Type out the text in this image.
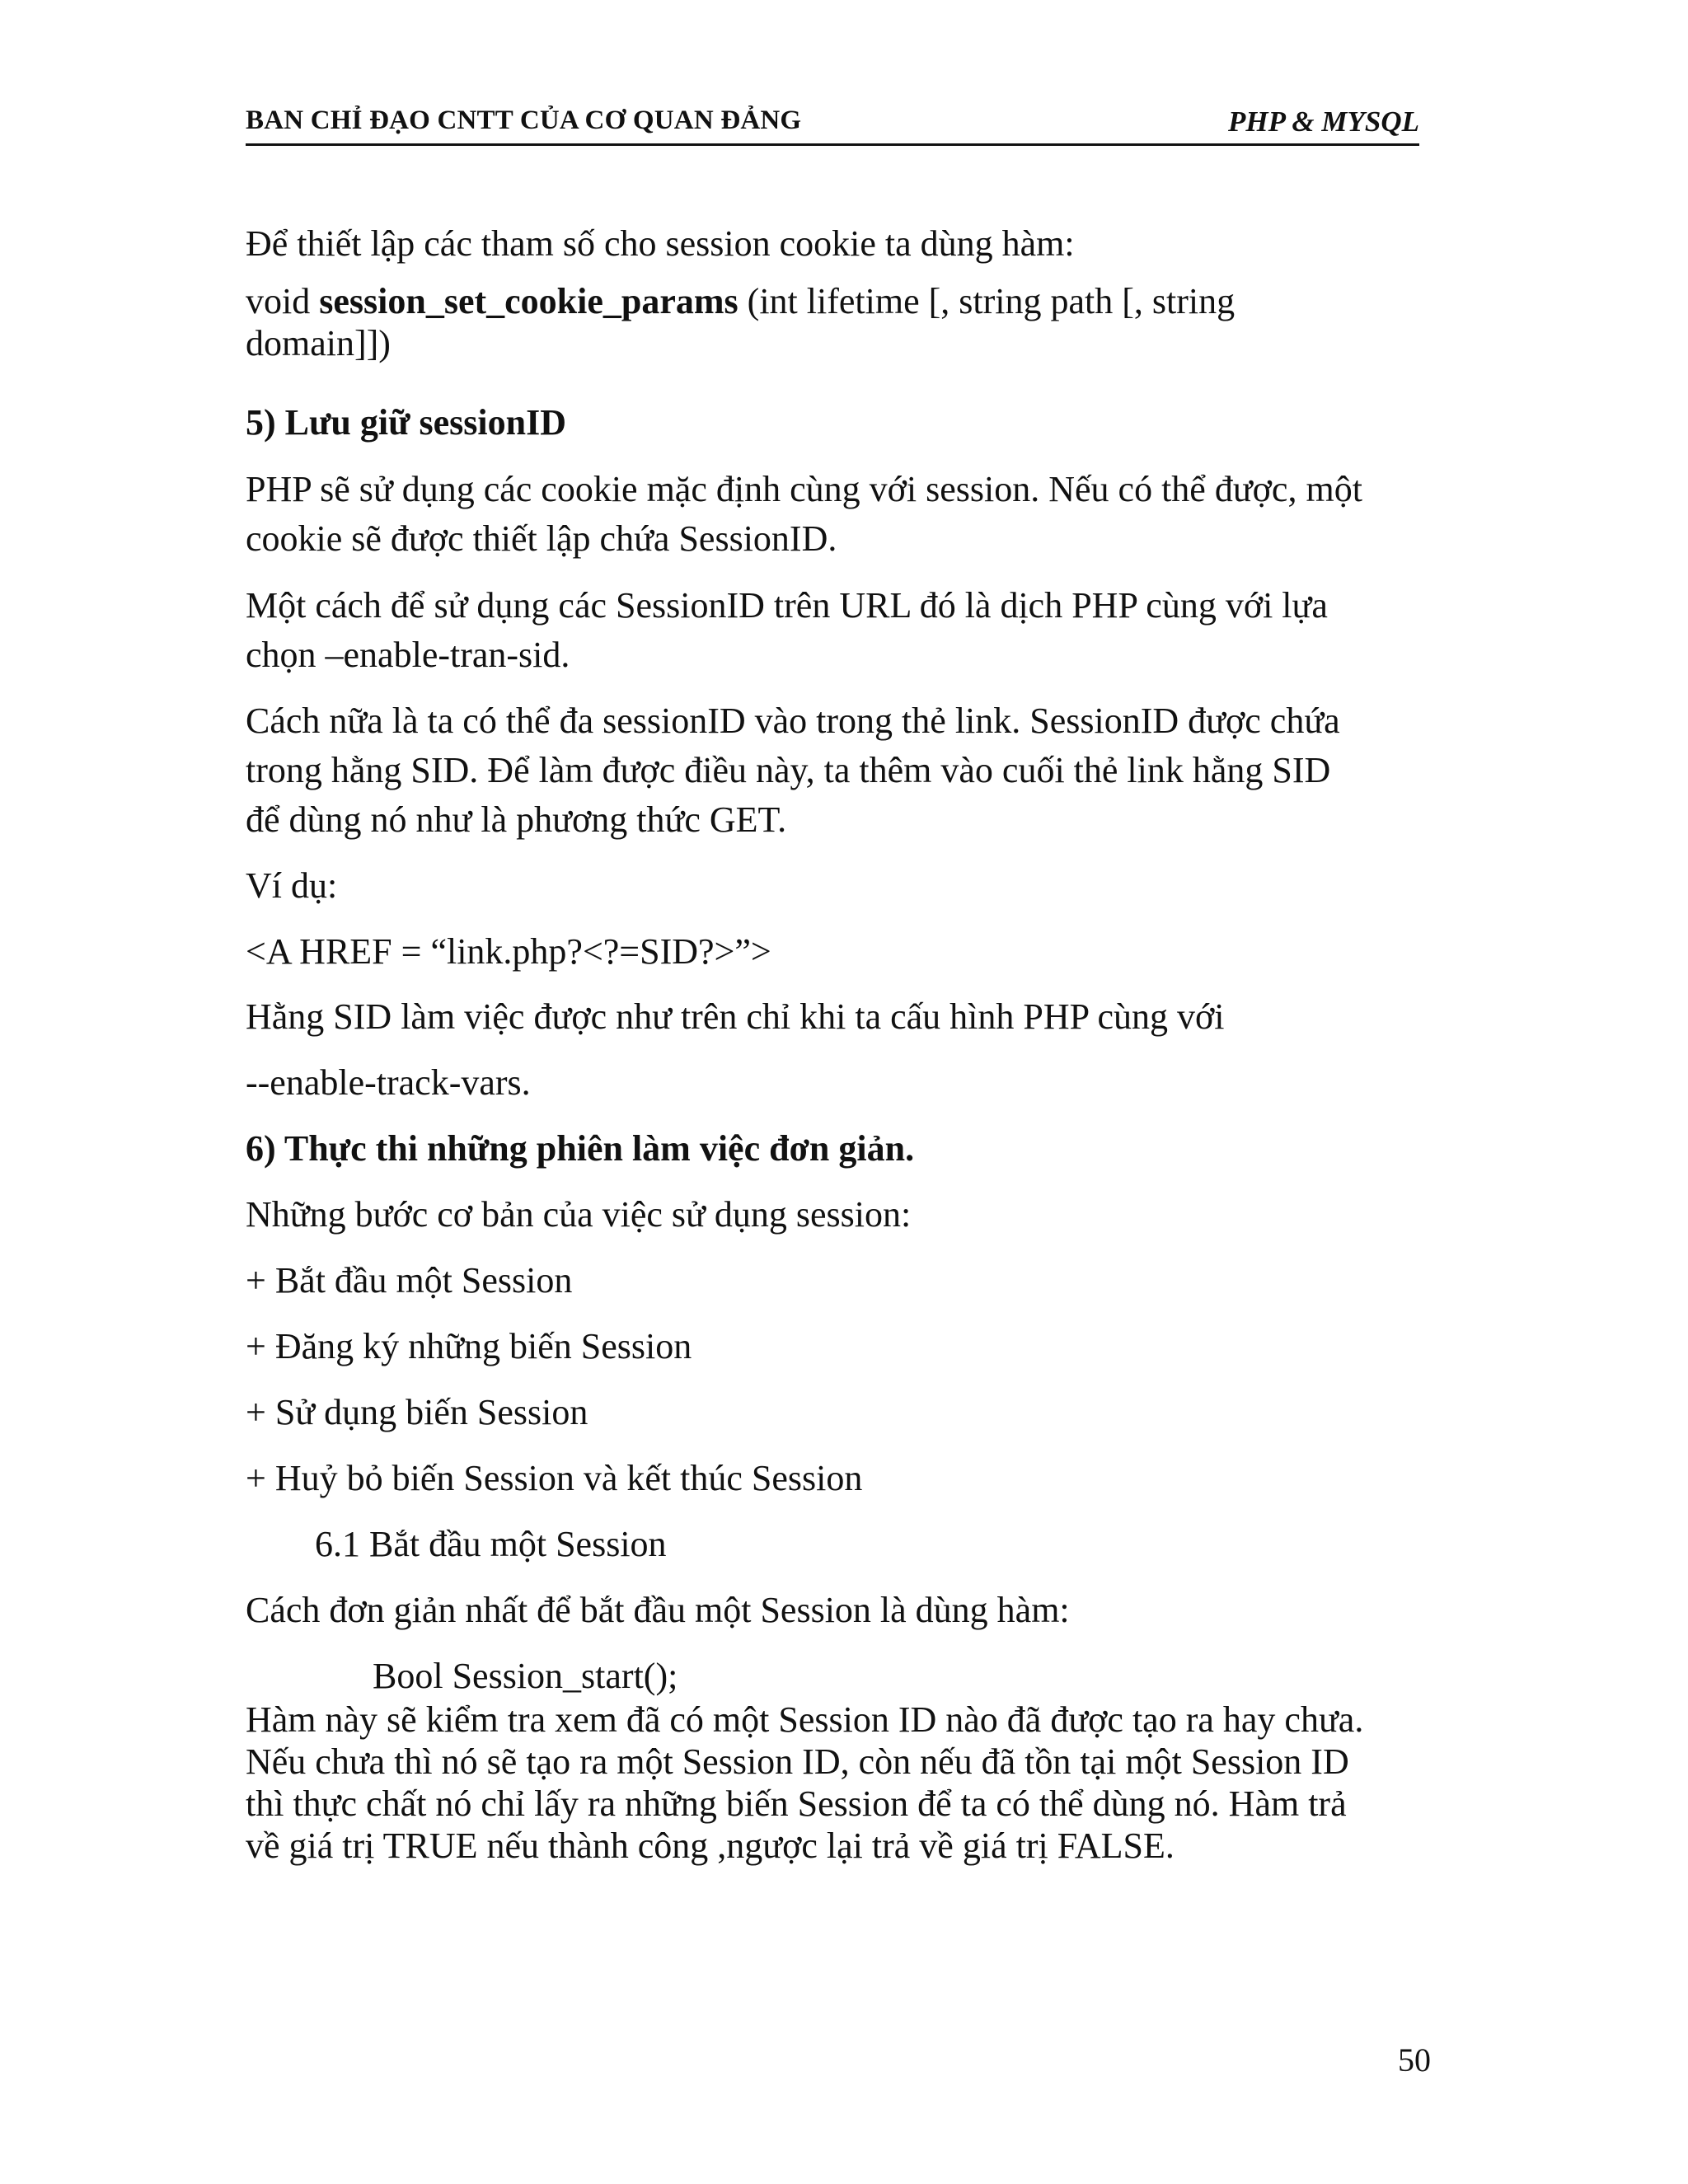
BAN CHỈ ĐẠO CNTT CỦA CƠ QUAN ĐẢNG	PHP & MYSQL
Để thiết lập các tham số cho session cookie ta dùng hàm:
void session_set_cookie_params (int lifetime [, string path [, string
domain]])
5) Lưu giữ sessionID
PHP sẽ sử dụng các cookie mặc định cùng với session. Nếu có thể được, một
cookie sẽ được thiết lập chứa SessionID.
Một cách để sử dụng các SessionID trên URL đó là dịch PHP cùng với lựa
chọn –enable-tran-sid.
Cách nữa là ta có thể đa sessionID vào trong thẻ link. SessionID được chứa
trong hằng SID. Để làm được điều này, ta thêm vào cuối thẻ link hằng SID
để dùng nó như là phương thức GET.
Ví dụ:
<A HREF = “link.php?<?=SID?>”>
Hằng SID làm việc được như trên chỉ khi ta cấu hình PHP cùng với
--enable-track-vars.
6) Thực thi những phiên làm việc đơn giản.
Những bước cơ bản của việc sử dụng session:
+ Bắt đầu một Session
+ Đăng ký những biến Session
+ Sử dụng biến Session
+ Huỷ bỏ biến Session và kết thúc Session
6.1 Bắt đầu một Session
Cách đơn giản nhất để bắt đầu một Session là dùng hàm:
Bool Session_start();
Hàm này sẽ kiểm tra xem đã có một Session ID nào đã được tạo ra hay chưa.
Nếu chưa thì nó sẽ tạo ra một Session ID, còn nếu đã tồn tại một Session ID
thì thực chất nó chỉ lấy ra những biến Session để ta có thể dùng nó. Hàm trả
về giá trị TRUE nếu thành công ,ngược lại trả về giá trị FALSE.
50
